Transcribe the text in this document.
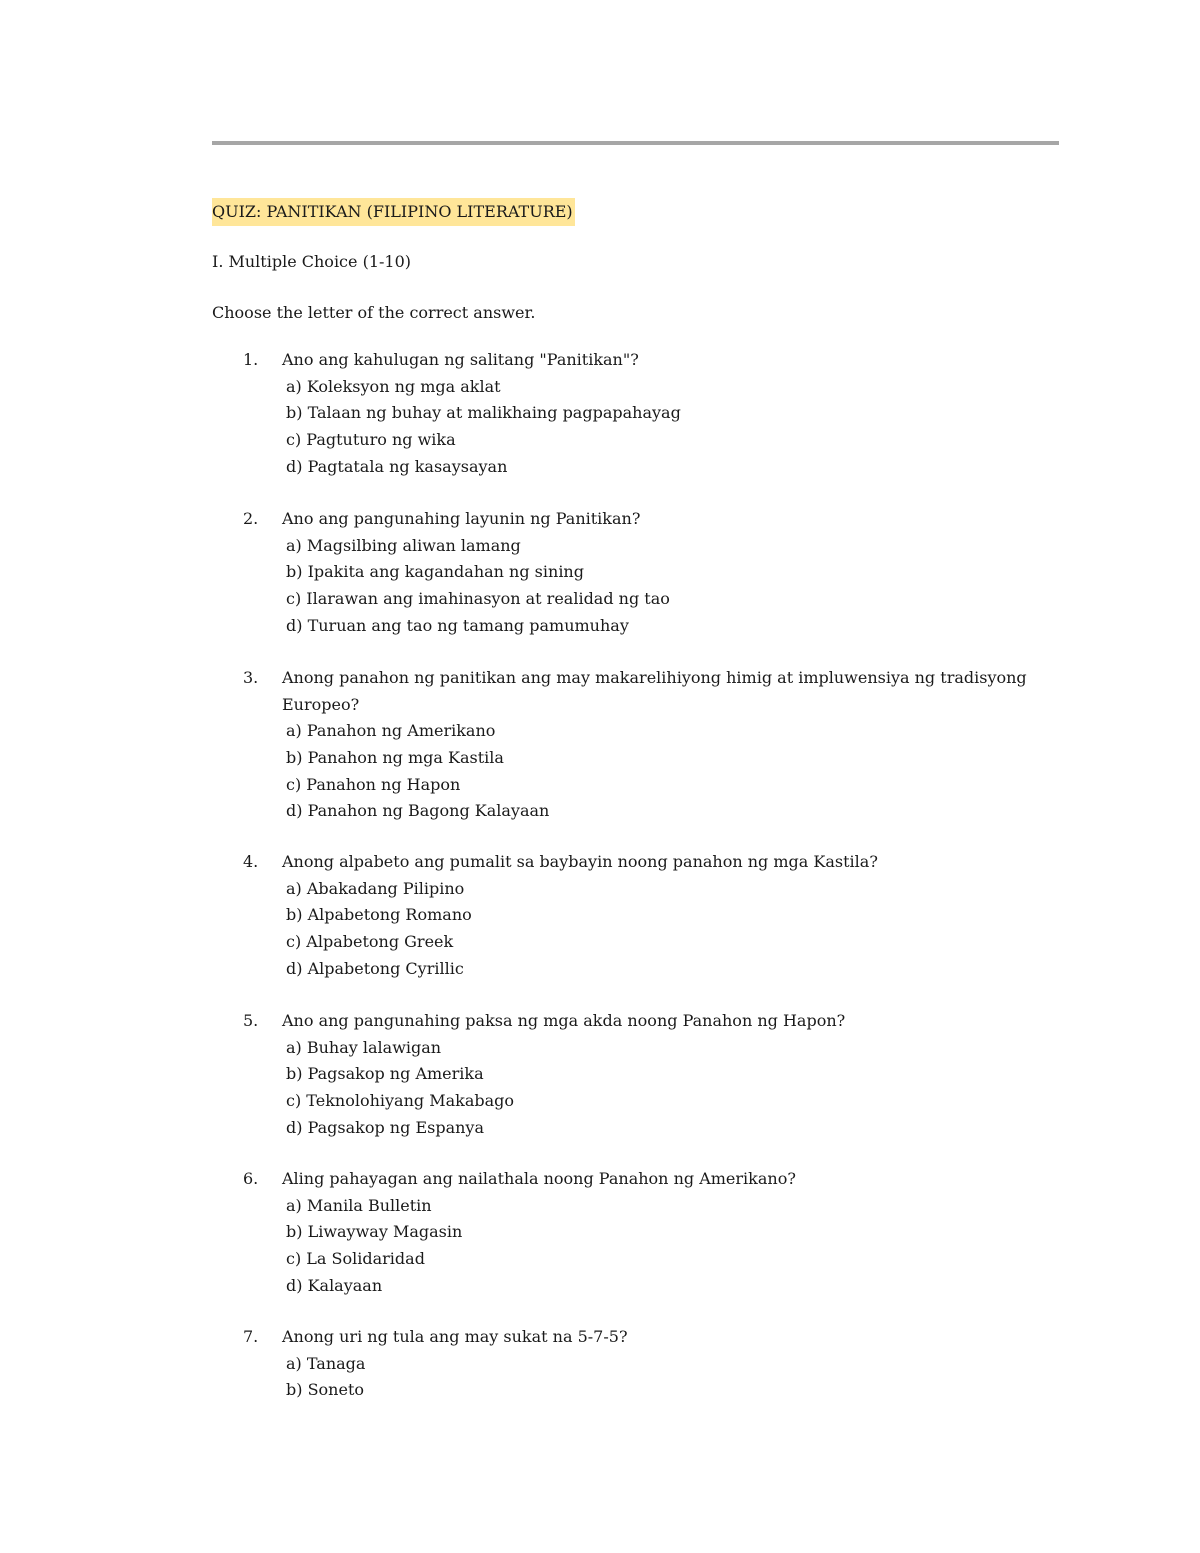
QUIZ: PANITIKAN (FILIPINO LITERATURE)
I. Multiple Choice (1-10)
Choose the letter of the correct answer.
1.	Ano ang kahulugan ng salitang "Panitikan"?
a) Koleksyon ng mga aklat
b) Talaan ng buhay at malikhaing pagpapahayag
c) Pagtuturo ng wika
d) Pagtatala ng kasaysayan
2.	Ano ang pangunahing layunin ng Panitikan?
a) Magsilbing aliwan lamang
b) Ipakita ang kagandahan ng sining
c) Ilarawan ang imahinasyon at realidad ng tao
d) Turuan ang tao ng tamang pamumuhay
3.	Anong panahon ng panitikan ang may makarelihiyong himig at impluwensiya ng tradisyong Europeo?
a) Panahon ng Amerikano
b) Panahon ng mga Kastila
c) Panahon ng Hapon
d) Panahon ng Bagong Kalayaan
4.	Anong alpabeto ang pumalit sa baybayin noong panahon ng mga Kastila?
a) Abakadang Pilipino
b) Alpabetong Romano
c) Alpabetong Greek
d) Alpabetong Cyrillic
5.	Ano ang pangunahing paksa ng mga akda noong Panahon ng Hapon?
a) Buhay lalawigan
b) Pagsakop ng Amerika
c) Teknolohiyang Makabago
d) Pagsakop ng Espanya
6.	Aling pahayagan ang nailathala noong Panahon ng Amerikano?
a) Manila Bulletin
b) Liwayway Magasin
c) La Solidaridad
d) Kalayaan
7.	Anong uri ng tula ang may sukat na 5-7-5?
a) Tanaga
b) Soneto
